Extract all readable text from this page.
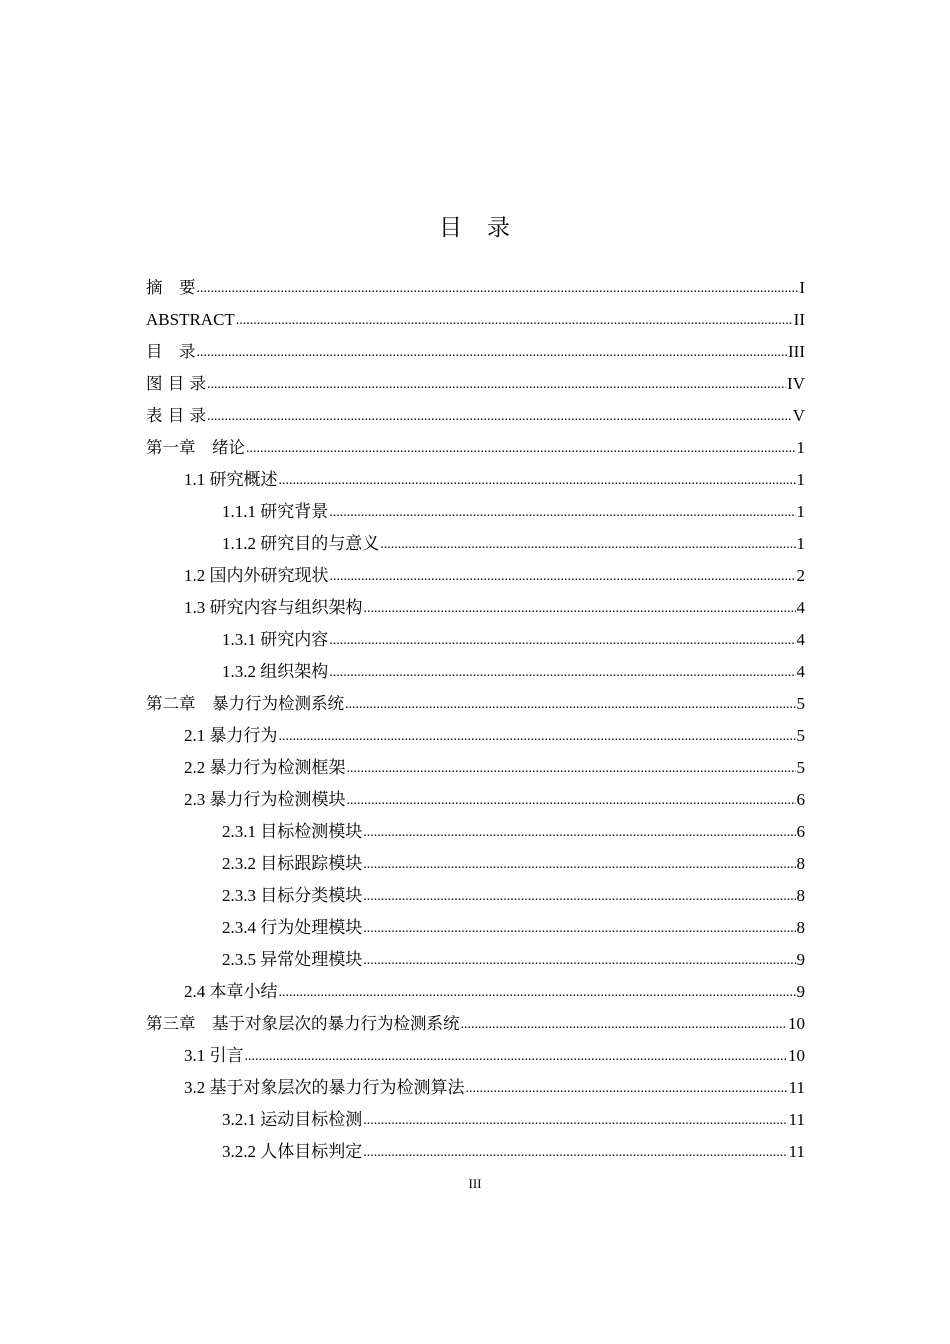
目　录
摘　要 .....	I
ABSTRACT .....	II
目　录 .....	III
图 目 录 .....	IV
表 目 录 .....	V
第一章　绪论 .....	1
1.1 研究概述 .....	1
1.1.1 研究背景 .....	1
1.1.2 研究目的与意义 .....	1
1.2 国内外研究现状 .....	2
1.3 研究内容与组织架构 .....	4
1.3.1 研究内容 .....	4
1.3.2 组织架构 .....	4
第二章　暴力行为检测系统 .....	5
2.1 暴力行为 .....	5
2.2 暴力行为检测框架 .....	5
2.3 暴力行为检测模块 .....	6
2.3.1 目标检测模块 .....	6
2.3.2 目标跟踪模块 .....	8
2.3.3 目标分类模块 .....	8
2.3.4 行为处理模块 .....	8
2.3.5 异常处理模块 .....	9
2.4 本章小结 .....	9
第三章　基于对象层次的暴力行为检测系统 .....	10
3.1 引言 .....	10
3.2 基于对象层次的暴力行为检测算法 .....	11
3.2.1 运动目标检测 .....	11
3.2.2 人体目标判定 .....	11
III
